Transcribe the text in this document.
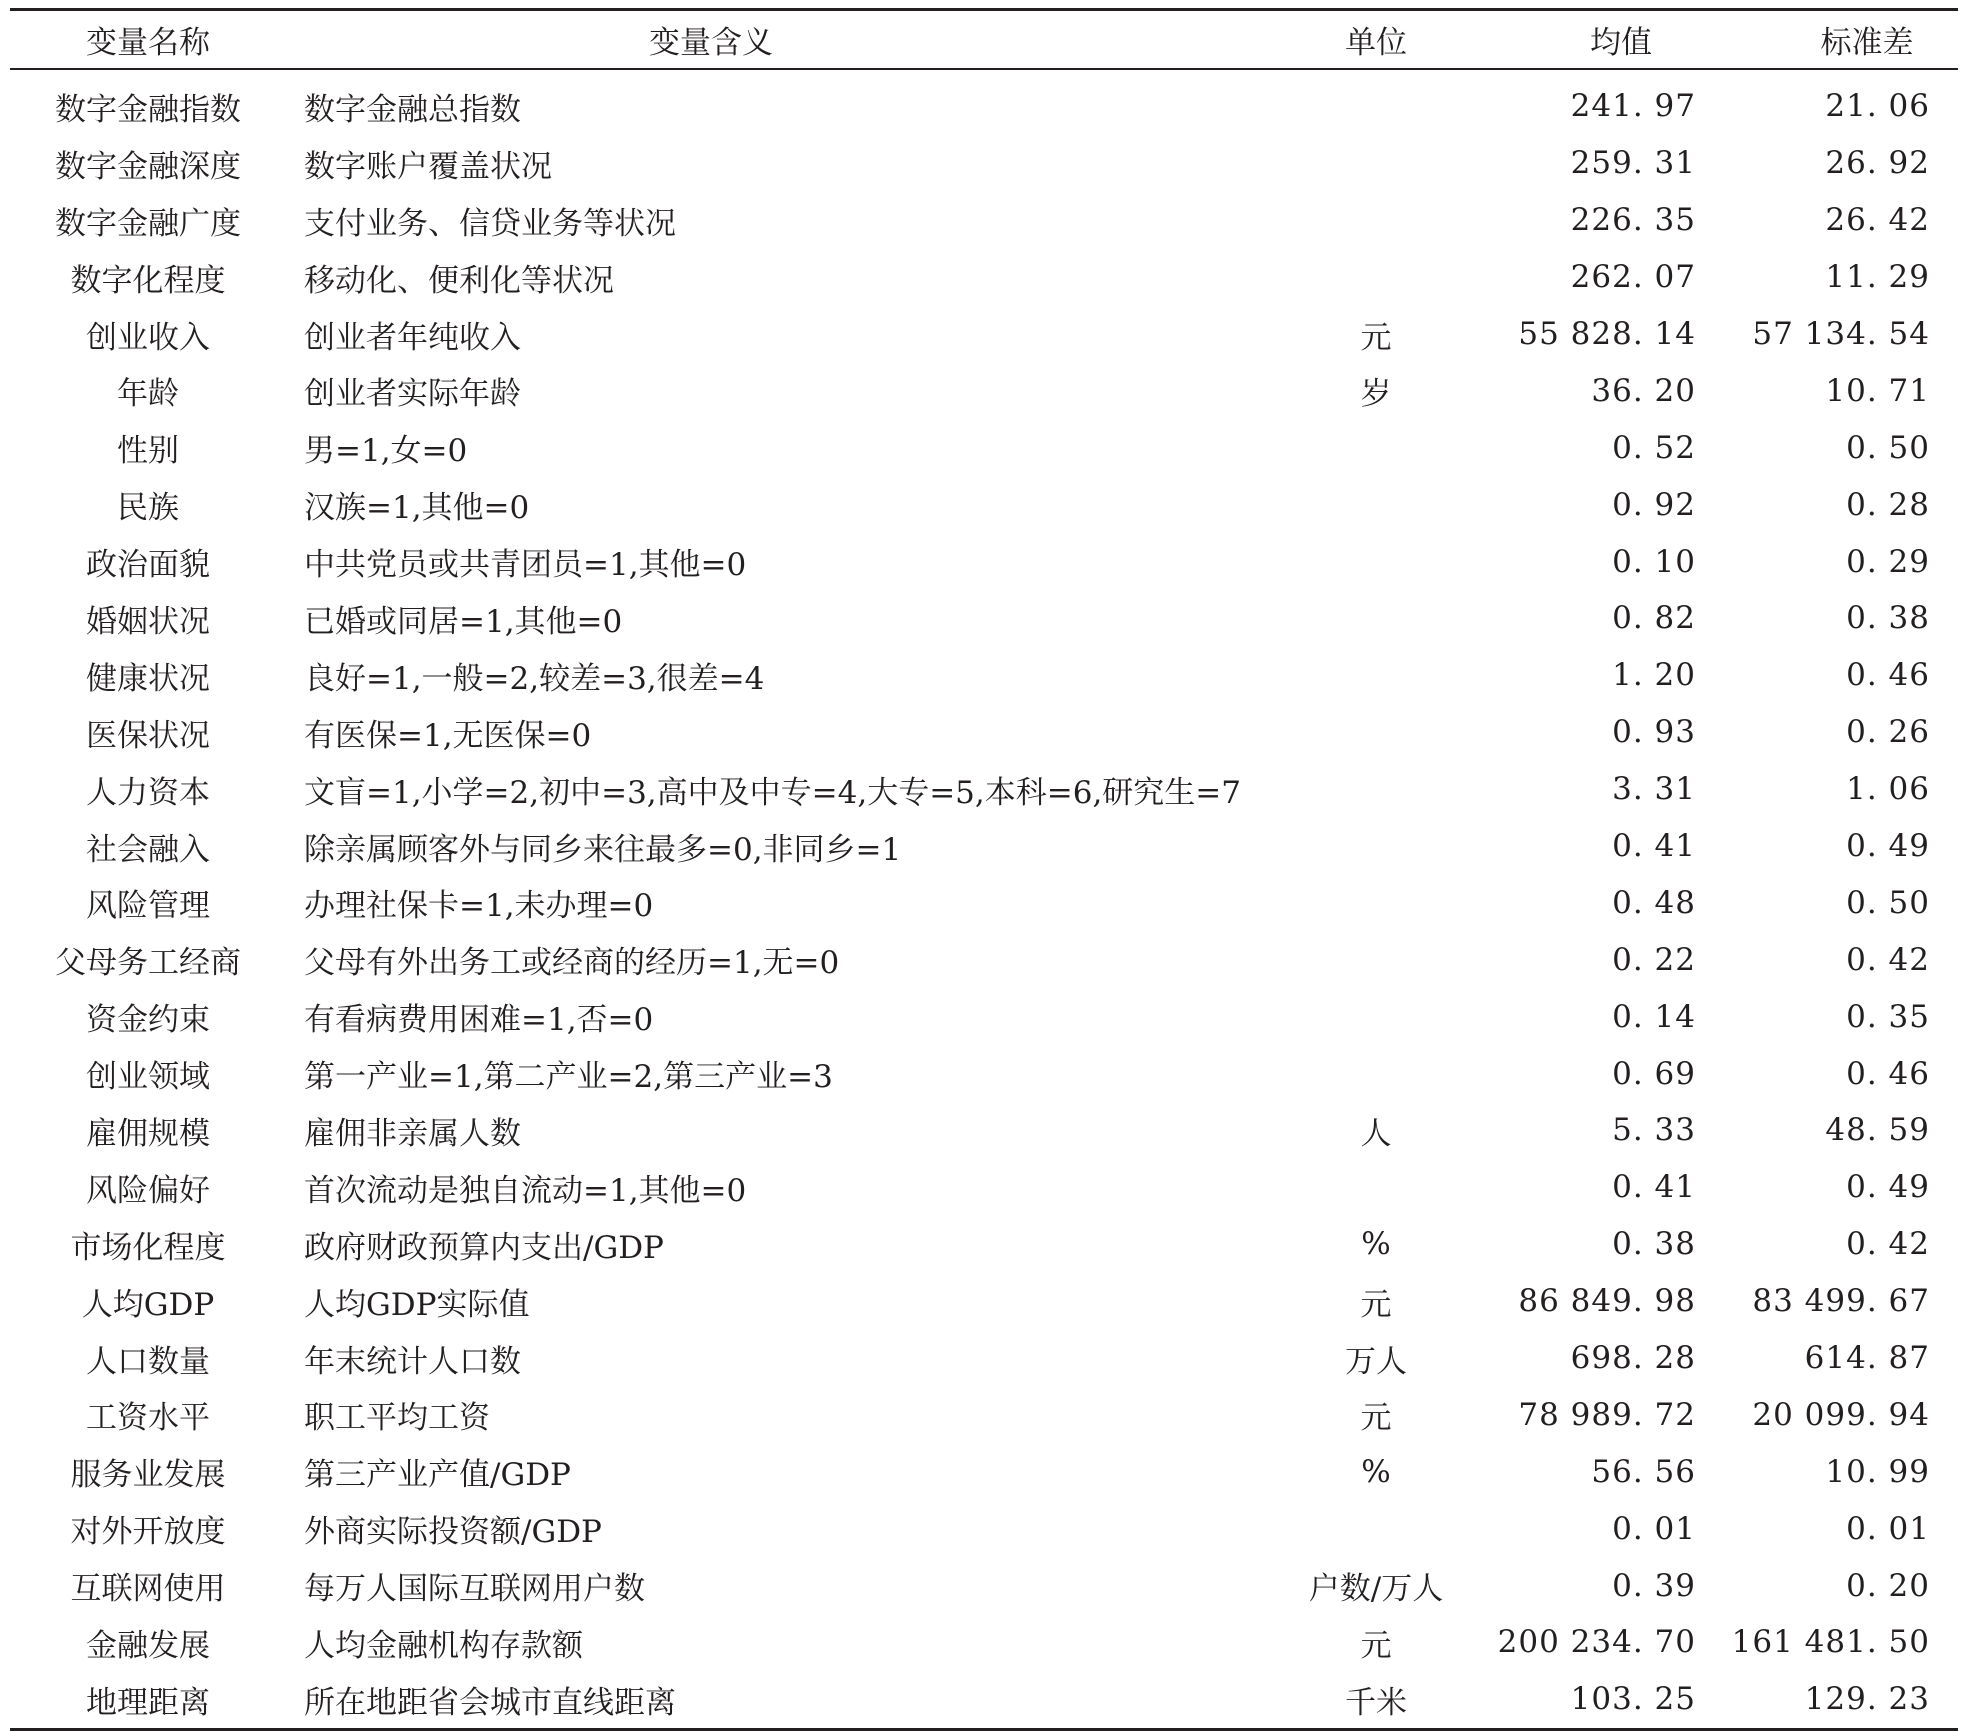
变量名称	变量含义	单位	均值	标准差
数字金融指数	数字金融总指数		241. 97	21. 06
数字金融深度	数字账户覆盖状况		259. 31	26. 92
数字金融广度	支付业务、信贷业务等状况		226. 35	26. 42
数字化程度	移动化、便利化等状况		262. 07	11. 29
创业收入	创业者年纯收入	元	55 828. 14	57 134. 54
年龄	创业者实际年龄	岁	36. 20	10. 71
性别	男=1,女=0		0. 52	0. 50
民族	汉族=1,其他=0		0. 92	0. 28
政治面貌	中共党员或共青团员=1,其他=0		0. 10	0. 29
婚姻状况	已婚或同居=1,其他=0		0. 82	0. 38
健康状况	良好=1,一般=2,较差=3,很差=4		1. 20	0. 46
医保状况	有医保=1,无医保=0		0. 93	0. 26
人力资本	文盲=1,小学=2,初中=3,高中及中专=4,大专=5,本科=6,研究生=7		3. 31	1. 06
社会融入	除亲属顾客外与同乡来往最多=0,非同乡=1		0. 41	0. 49
风险管理	办理社保卡=1,未办理=0		0. 48	0. 50
父母务工经商	父母有外出务工或经商的经历=1,无=0		0. 22	0. 42
资金约束	有看病费用困难=1,否=0		0. 14	0. 35
创业领域	第一产业=1,第二产业=2,第三产业=3		0. 69	0. 46
雇佣规模	雇佣非亲属人数	人	5. 33	48. 59
风险偏好	首次流动是独自流动=1,其他=0		0. 41	0. 49
市场化程度	政府财政预算内支出/GDP	%	0. 38	0. 42
人均GDP	人均GDP实际值	元	86 849. 98	83 499. 67
人口数量	年末统计人口数	万人	698. 28	614. 87
工资水平	职工平均工资	元	78 989. 72	20 099. 94
服务业发展	第三产业产值/GDP	%	56. 56	10. 99
对外开放度	外商实际投资额/GDP		0. 01	0. 01
互联网使用	每万人国际互联网用户数	户数/万人	0. 39	0. 20
金融发展	人均金融机构存款额	元	200 234. 70	161 481. 50
地理距离	所在地距省会城市直线距离	千米	103. 25	129. 23
